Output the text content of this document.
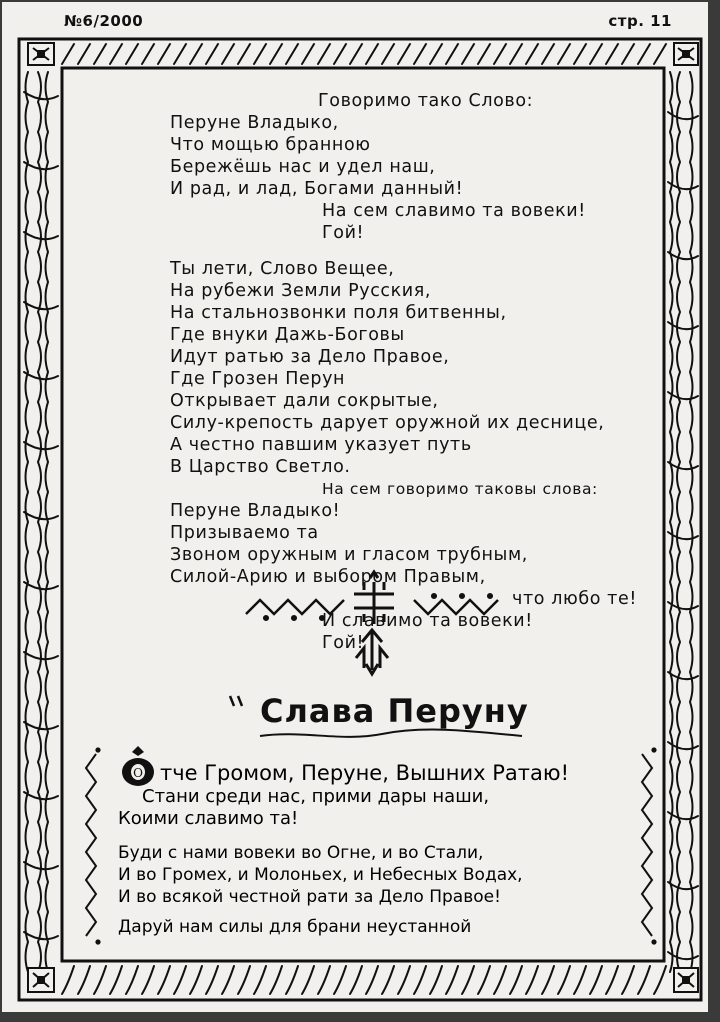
№6/2000	стр. 11
Говоримо тако Слово:
Перуне Владыко,
Что мощью бранною
Бережёшь нас и удел наш,
И рад, и лад, Богами данный!
На сем славимо та вовеки!
Гой!
Ты лети, Слово Вещее,
На рубежи Земли Русския,
На стальнозвонки поля битвенны,
Где внуки Дажь-Боговы
Идут ратью за Дело Правое,
Где Грозен Перун
Открывает дали сокрытые,
Силу-крепость дарует оружной их деснице,
А честно павшим указует путь
В Царство Светло.
На сем говоримо таковы слова:
Перуне Владыко!
Призываемо та
Звоном оружным и гласом трубным,
Силой-Арию и выбором Правым,
что любо те!
И славимо та вовеки!
Гой!
Слава Перуну
О тче Громом, Перуне, Вышних Ратаю!
Стани среди нас, прими дары наши,
Коими славимо та!
Буди с нами вовеки во Огне, и во Стали,
И во Громех, и Молоньех, и Небесных Водах,
И во всякой честной рати за Дело Правое!
Даруй нам силы для брани неустанной
